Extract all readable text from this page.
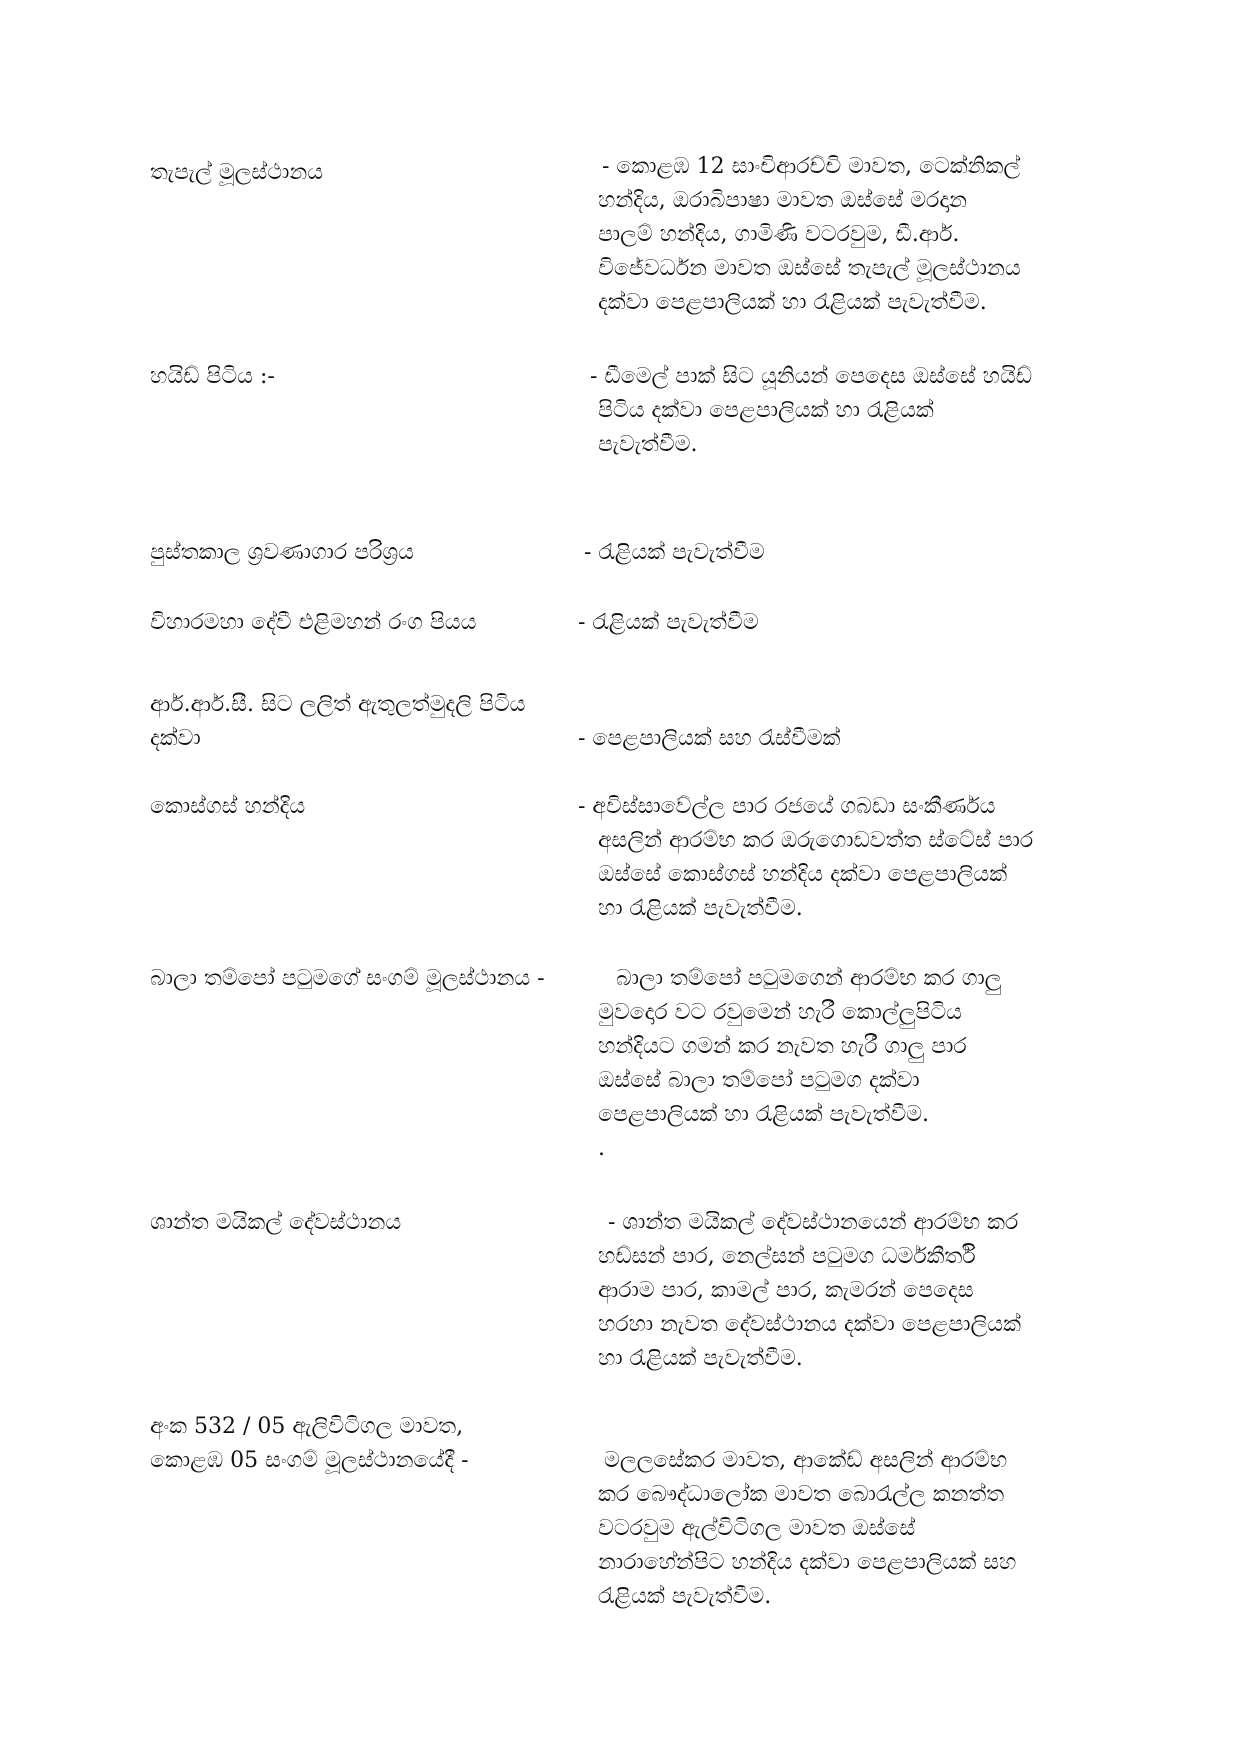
තැපැල් මූලස්ථානය	- කොළඹ 12 සාංචිආරච්චි මාවත, ටෙක්නිකල්
හන්දිය, ඔරාබිපාෂා මාවත ඔස්සේ මරදාන
පාලම් හන්දිය, ගාමිණි වටරවුම, ඩී.ආර්.
විජේවර්ධන මාවත ඔස්සේ තැපැල් මූලස්ථානය
දක්වා පෙළපාලියක් හා රැළියක් පැවැත්වීම.
හයිඩ් පිටිය :-	- ඩීමෙල් පාක් සිට යූනියන් පෙදෙස ඔස්සේ හයිඩ්
පිටිය දක්වා පෙළපාලියක් හා රැළියක්
පැවැත්වීම.
පුස්තකාල ශ්‍රවණාගාර පරිශ්‍රය	- රැළියක් පැවැත්වීම
විහාරමහා දේවී එළිමහන් රංග පියය	- රැළියක් පැවැත්වීම
ආර්.ආර්.සී. සිට ලලිත් ඇතුලත්මුදලි පිටිය
දක්වා	- පෙළපාලියක් සහ රැස්වීමක්
කොස්ගස් හන්දිය	- අවිස්සාවේල්ල පාර රජයේ ගබඩා සංකීර්ණය
අසලින් ආරම්භ කර ඔරුගොඩවත්ත ස්ටේස් පාර
ඔස්සේ කොස්ගස් හන්දිය දක්වා පෙළපාලියක්
හා රැළියක් පැවැත්වීම.
බාලා තම්පෝ පටුමගේ සංගම් මූලස්ථානය -	බාලා තම්පෝ පටුමගෙන් ආරම්භ කර ගාලු
මුවදොර වට රවුමෙන් හැරී කොල්ලුපිටිය
හන්දියට ගමන් කර නැවත හැරී ගාලු පාර
ඔස්සේ බාලා තම්පෝ පටුමග දක්වා
පෙළපාලියක් හා රැළියක් පැවැත්වීම.
.
ශාන්ත මයිකල් දේවස්ථානය	- ශාන්ත මයිකල් දේවස්ථානයෙන් ආරම්භ කර
හඩ්සන් පාර, නෙල්සන් පටුමග ධර්මකීර්ති
ආරාම පාර, කාමල් පාර, කැමරන් පෙදෙස
හරහා නැවත දේවස්ථානය දක්වා පෙළපාලියක්
හා රැළියක් පැවැත්වීම.
අංක 532 / 05 ඇලිවිටිගල මාවත,
කොළඹ 05 සංගම් මූලස්ථානයේදී -	මලලසේකර මාවත, ආකේඩ් අසලින් ආරම්භ
කර බෞද්ධාලෝක මාවත බොරැල්ල කනත්ත
වටරවුම ඇල්විටිගල මාවත ඔස්සේ
නාරාහේන්පිට හන්දිය දක්වා පෙළපාලියක් සහ
රැළියක් පැවැත්වීම.
